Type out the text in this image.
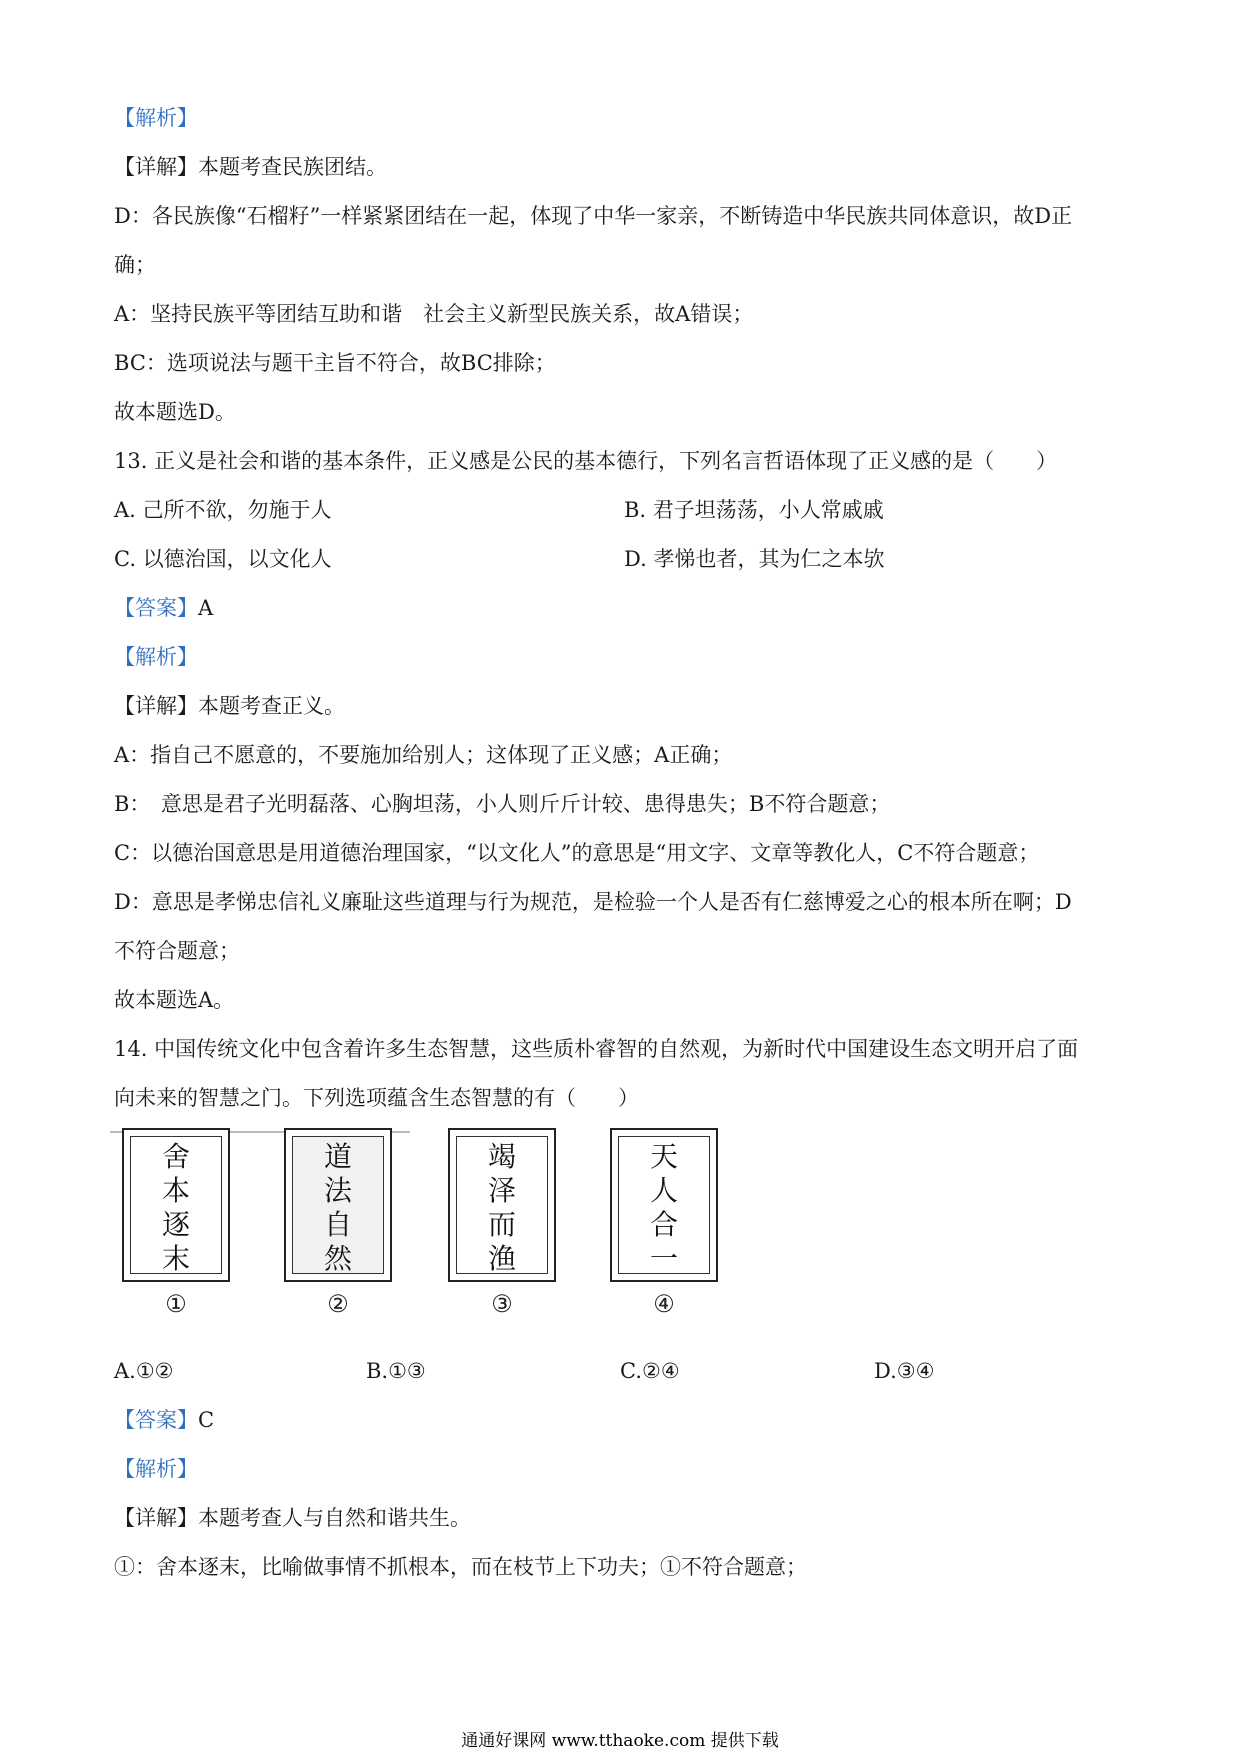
【解析】
【详解】本题考查民族团结。
D：各民族像“石榴籽”一样紧紧团结在一起，体现了中华一家亲，不断铸造中华民族共同体意识，故D正
确；
A：坚持民族平等团结互助和谐　社会主义新型民族关系，故A错误；
BC：选项说法与题干主旨不符合，故BC排除；
故本题选D。
13. 正义是社会和谐的基本条件，正义感是公民的基本德行，下列名言哲语体现了正义感的是（　　）
A. 己所不欲，勿施于人	B. 君子坦荡荡，小人常戚戚
C. 以德治国，以文化人	D. 孝悌也者，其为仁之本欤
【答案】A
【解析】
【详解】本题考查正义。
A：指自己不愿意的，不要施加给别人；这体现了正义感；A正确；
B：　意思是君子光明磊落、心胸坦荡，小人则斤斤计较、患得患失；B不符合题意；
C：以德治国意思是用道德治理国家，“以文化人”的意思是“用文字、文章等教化人，C不符合题意；
D：意思是孝悌忠信礼义廉耻这些道理与行为规范，是检验一个人是否有仁慈博爱之心的根本所在啊；D
不符合题意；
故本题选A。
14. 中国传统文化中包含着许多生态智慧，这些质朴睿智的自然观，为新时代中国建设生态文明开启了面
向未来的智慧之门。下列选项蕴含生态智慧的有（　　）
舍
本
逐
末
①
道
法
自
然
②
竭
泽
而
渔
③
天
人
合
一
④
A.①②	B.①③	C.②④	D.③④
【答案】C
【解析】
【详解】本题考查人与自然和谐共生。
①：舍本逐末，比喻做事情不抓根本，而在枝节上下功夫；①不符合题意；
通通好课网 www.tthaoke.com 提供下载
